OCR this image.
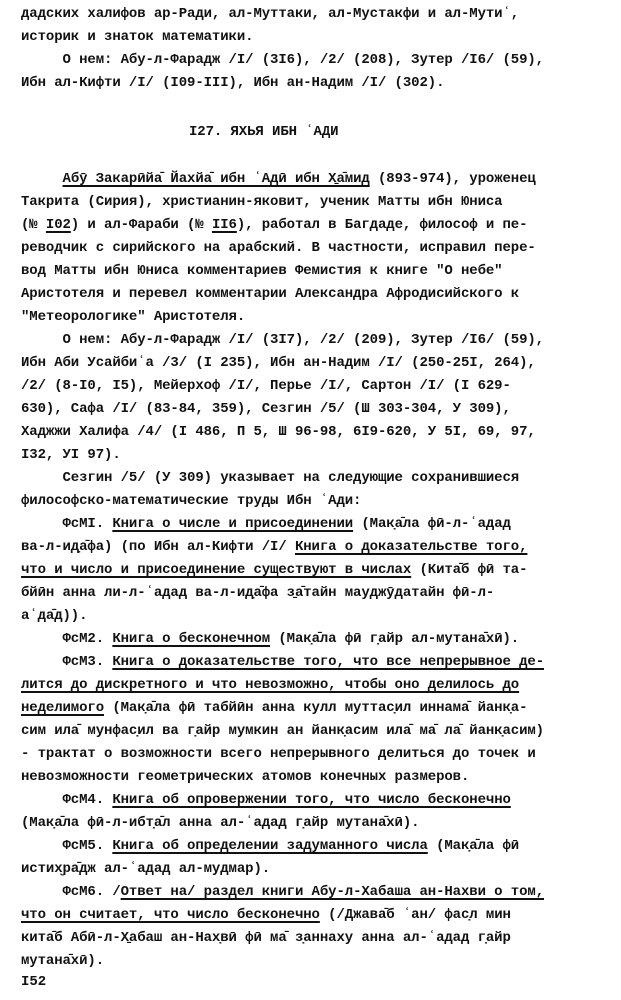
дадских халифов ар-Ради, ал-Муттаки, ал-Мустакфи и ал-Мутиʿ,
историк и знаток математики.
О нем: Абу-л-Фарадж /I/ (3I6), /2/ (208), Зутер /I6/ (59),
Ибн ал-Кифти /I/ (I09-III), Ибн ан-Надим /I/ (302).
I27. ЯХЬЯ ИБН ʿАДИ
Абӯ Закарӣйа̄ Йахйа̄ ибн ʿАдӣ ибн Х̱а̄мид (893-974), уроженец
Такрита (Сирия), христианин-яковит, ученик Матты ибн Юниса
(№ I02) и ал-Фараби (№ II6), работал в Багдаде, философ и пе-
реводчик с сирийского на арабский. В частности, исправил пере-
вод Матты ибн Юниса комментариев Фемистия к книге "О небе"
Аристотеля и перевел комментарии Александра Афродисийского к
"Метеорологике" Аристотеля.
О нем: Абу-л-Фарадж /I/ (3I7), /2/ (209), Зутер /I6/ (59),
Ибн Аби Усайбиʿа /3/ (I 235), Ибн ан-Надим /I/ (250-25I, 264),
/2/ (8-I0, I5), Мейерхоф /I/, Перье /I/, Сартон /I/ (I 629-
630), Сафа /I/ (83-84, 359), Сезгин /5/ (Ш 303-304, У 309),
Хаджжи Халифа /4/ (I 486, П 5, Ш 96-98, 6I9-620, У 5I, 69, 97,
I32, УI 97).
Сезгин /5/ (У 309) указывает на следующие сохранившиеся
философско-математические труды Ибн ʿАди:
ФсМI. Книга о числе и присоединении (Мак̣а̄ла фӣ-л-ʿадад
ва-л-ид̣а̄фа) (по Ибн ал-Кифти /I/ Книга о доказательстве того,
что и число и присоединение существуют в числах (Кита̄б фӣ та-
бйӣн анна ли-л-ʿадад ва-л-ид̣а̄фа з̱а̄тайн мауджӯдатайн фӣ-л-
аʿда̄д)).
ФсМ2. Книга о бесконечном (Мак̣а̄ла фӣ г̣айр ал-мутана̄хӣ).
ФсМ3. Книга о доказательстве того, что все непрерывное де-
лится до дискретного и что невозможно, чтобы оно делилось до
неделимого (Мак̣а̄ла фӣ табйӣн анна кулл муттас̣ил иннама̄ йанк̣а-
сим ила̄ мунфас̣ил ва г̣айр мумкин ан йанк̣асим ила̄ ма̄ ла̄ йанк̣асим)
- трактат о возможности всего непрерывного делиться до точек и
невозможности геометрических атомов конечных размеров.
ФсМ4. Книга об опровержении того, что число бесконечно
(Мак̣а̄ла фӣ-л-ибт̣а̄л анна ал-ʿадад г̣айр мутана̄хӣ).
ФсМ5. Книга об определении задуманного числа (Мак̣а̄ла фӣ
истих̮ра̄дж ал-ʿадад ал-мудмар).
ФсМ6. /Ответ на/ раздел книги Абу-л-Хабаша ан-Нахви о том,
что он считает, что число бесконечно (/Джава̄б ʿан/ фас̣л мин
кита̄б Абӣ-л-Х̱абаш ан-Нах̣вӣ фӣ ма̄ з̣аннаху анна ал-ʿадад г̣айр
мутана̄хӣ).
I52
